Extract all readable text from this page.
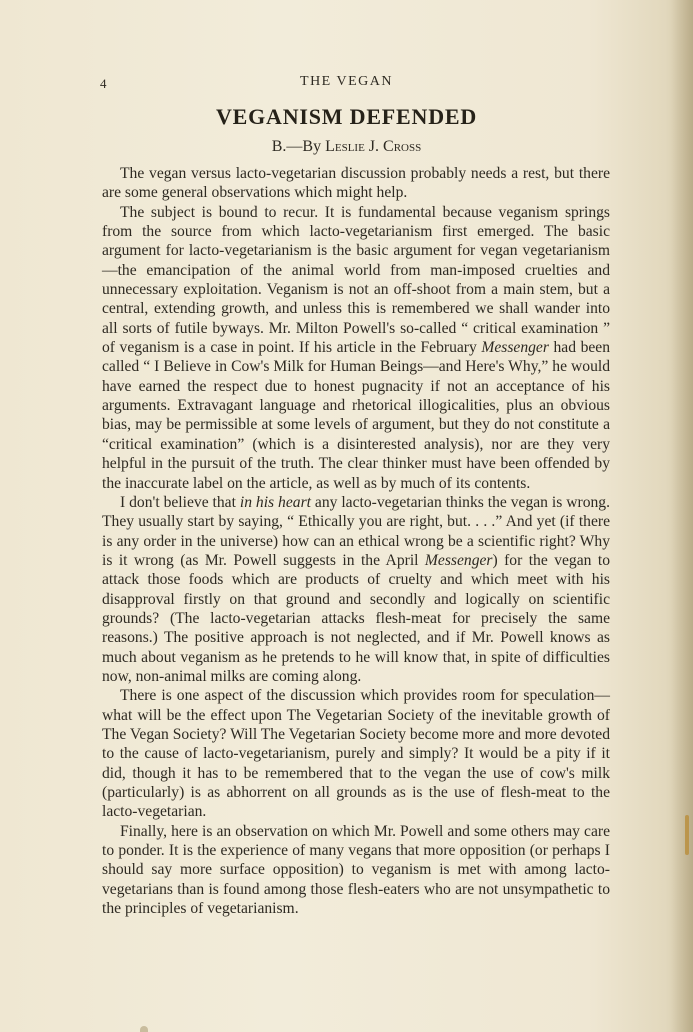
4	THE VEGAN
VEGANISM DEFENDED
B.—By Leslie J. Cross

The vegan versus lacto-vegetarian discussion probably needs a rest, but there are some general observations which might help.

The subject is bound to recur. It is fundamental because veganism springs from the source from which lacto-vegetarianism first emerged. The basic argument for lacto-vegetarianism is the basic argument for vegan vegetarianism—the emancipation of the animal world from man-imposed cruelties and unnecessary exploitation. Veganism is not an off-shoot from a main stem, but a central, extending growth, and unless this is remembered we shall wander into all sorts of futile byways. Mr. Milton Powell's so-called “ critical examination ” of veganism is a case in point. If his article in the February Messenger had been called “ I Believe in Cow's Milk for Human Beings—and Here's Why,” he would have earned the respect due to honest pugnacity if not an acceptance of his arguments. Extravagant language and rhetorical illogicalities, plus an obvious bias, may be permissible at some levels of argument, but they do not constitute a “critical examination” (which is a disinterested analysis), nor are they very helpful in the pursuit of the truth. The clear thinker must have been offended by the inaccurate label on the article, as well as by much of its contents.

I don't believe that in his heart any lacto-vegetarian thinks the vegan is wrong. They usually start by saying, “ Ethically you are right, but. . . .” And yet (if there is any order in the universe) how can an ethical wrong be a scientific right? Why is it wrong (as Mr. Powell suggests in the April Messenger) for the vegan to attack those foods which are products of cruelty and which meet with his disapproval firstly on that ground and secondly and logically on scientific grounds? (The lacto-vegetarian attacks flesh-meat for precisely the same reasons.) The positive approach is not neglected, and if Mr. Powell knows as much about veganism as he pretends to he will know that, in spite of difficulties now, non-animal milks are coming along.

There is one aspect of the discussion which provides room for speculation—what will be the effect upon The Vegetarian Society of the inevitable growth of The Vegan Society? Will The Vegetarian Society become more and more devoted to the cause of lacto-vegetarianism, purely and simply? It would be a pity if it did, though it has to be remembered that to the vegan the use of cow's milk (particularly) is as abhorrent on all grounds as is the use of flesh-meat to the lacto-vegetarian.

Finally, here is an observation on which Mr. Powell and some others may care to ponder. It is the experience of many vegans that more opposition (or perhaps I should say more surface opposition) to veganism is met with among lacto-vegetarians than is found among those flesh-eaters who are not unsympathetic to the principles of vegetarianism.
